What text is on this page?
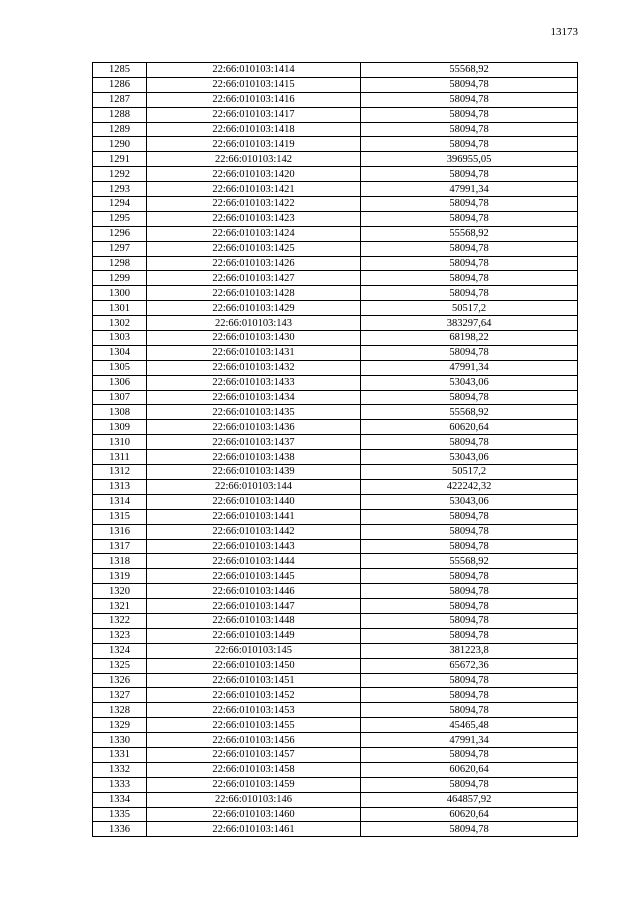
13173
1285	22:66:010103:1414	55568,92
1286	22:66:010103:1415	58094,78
1287	22:66:010103:1416	58094,78
1288	22:66:010103:1417	58094,78
1289	22:66:010103:1418	58094,78
1290	22:66:010103:1419	58094,78
1291	22:66:010103:142	396955,05
1292	22:66:010103:1420	58094,78
1293	22:66:010103:1421	47991,34
1294	22:66:010103:1422	58094,78
1295	22:66:010103:1423	58094,78
1296	22:66:010103:1424	55568,92
1297	22:66:010103:1425	58094,78
1298	22:66:010103:1426	58094,78
1299	22:66:010103:1427	58094,78
1300	22:66:010103:1428	58094,78
1301	22:66:010103:1429	50517,2
1302	22:66:010103:143	383297,64
1303	22:66:010103:1430	68198,22
1304	22:66:010103:1431	58094,78
1305	22:66:010103:1432	47991,34
1306	22:66:010103:1433	53043,06
1307	22:66:010103:1434	58094,78
1308	22:66:010103:1435	55568,92
1309	22:66:010103:1436	60620,64
1310	22:66:010103:1437	58094,78
1311	22:66:010103:1438	53043,06
1312	22:66:010103:1439	50517,2
1313	22:66:010103:144	422242,32
1314	22:66:010103:1440	53043,06
1315	22:66:010103:1441	58094,78
1316	22:66:010103:1442	58094,78
1317	22:66:010103:1443	58094,78
1318	22:66:010103:1444	55568,92
1319	22:66:010103:1445	58094,78
1320	22:66:010103:1446	58094,78
1321	22:66:010103:1447	58094,78
1322	22:66:010103:1448	58094,78
1323	22:66:010103:1449	58094,78
1324	22:66:010103:145	381223,8
1325	22:66:010103:1450	65672,36
1326	22:66:010103:1451	58094,78
1327	22:66:010103:1452	58094,78
1328	22:66:010103:1453	58094,78
1329	22:66:010103:1455	45465,48
1330	22:66:010103:1456	47991,34
1331	22:66:010103:1457	58094,78
1332	22:66:010103:1458	60620,64
1333	22:66:010103:1459	58094,78
1334	22:66:010103:146	464857,92
1335	22:66:010103:1460	60620,64
1336	22:66:010103:1461	58094,78
